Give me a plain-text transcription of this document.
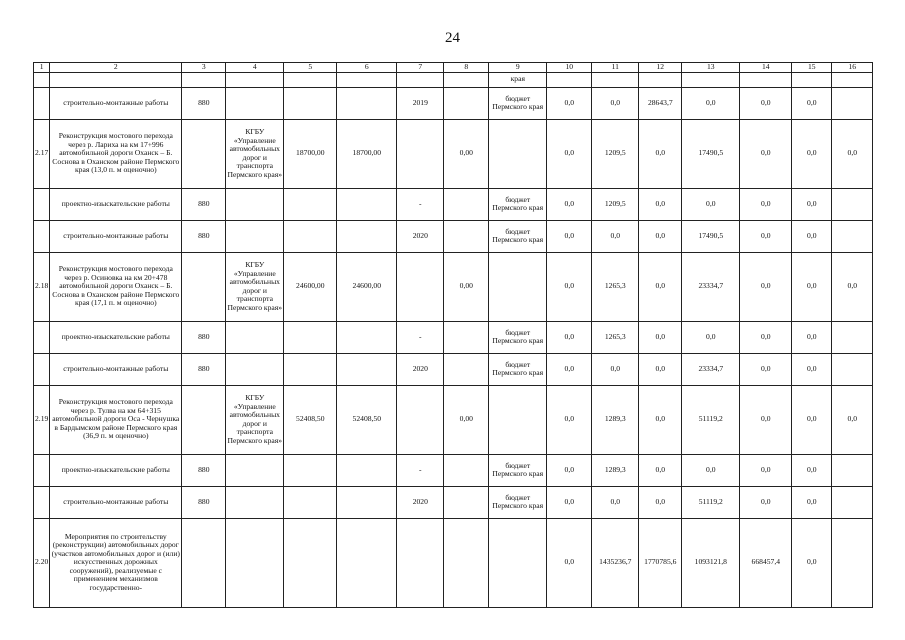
24
1	2	3	4	5	6	7	8	9	10	11	12	13	14	15	16
								края							
	строительно-монтажные работы	880				2019		бюджет Пермского края	0,0	0,0	28643,7	0,0	0,0	0,0	
2.17	Реконструкция мостового перехода через р. Лариха на км 17+996 автомобильной дороги Оханск – Б. Соснова в Оханском районе Пермского края (13,0 п. м оценочно)		КГБУ «Управление автомобильных дорог и транспорта Пермского края»	18700,00	18700,00		0,00		0,0	1209,5	0,0	17490,5	0,0	0,0	0,0
	проектно-изыскательские работы	880				-		бюджет Пермского края	0,0	1209,5	0,0	0,0	0,0	0,0	
	строительно-монтажные работы	880				2020		бюджет Пермского края	0,0	0,0	0,0	17490,5	0,0	0,0	
2.18	Реконструкция мостового перехода через р. Осиновка на км 20+478 автомобильной дороги Оханск – Б. Соснова в Оханском районе Пермского края (17,1 п. м оценочно)		КГБУ «Управление автомобильных дорог и транспорта Пермского края»	24600,00	24600,00		0,00		0,0	1265,3	0,0	23334,7	0,0	0,0	0,0
	проектно-изыскательские работы	880				-		бюджет Пермского края	0,0	1265,3	0,0	0,0	0,0	0,0	
	строительно-монтажные работы	880				2020		бюджет Пермского края	0,0	0,0	0,0	23334,7	0,0	0,0	
2.19	Реконструкция мостового перехода через р. Тулва на км 64+315 автомобильной дороги Оса - Чернушка в Бардымском районе Пермского края (36,9 п. м оценочно)		КГБУ «Управление автомобильных дорог и транспорта Пермского края»	52408,50	52408,50		0,00		0,0	1289,3	0,0	51119,2	0,0	0,0	0,0
	проектно-изыскательские работы	880				-		бюджет Пермского края	0,0	1289,3	0,0	0,0	0,0	0,0	
	строительно-монтажные работы	880				2020		бюджет Пермского края	0,0	0,0	0,0	51119,2	0,0	0,0	
2.20	Мероприятия по строительству (реконструкции) автомобильных дорог (участков автомобильных дорог и (или) искусственных дорожных сооружений), реализуемые с применением механизмов государственно-								0,0	1435236,7	1770785,6	1093121,8	668457,4	0,0	
